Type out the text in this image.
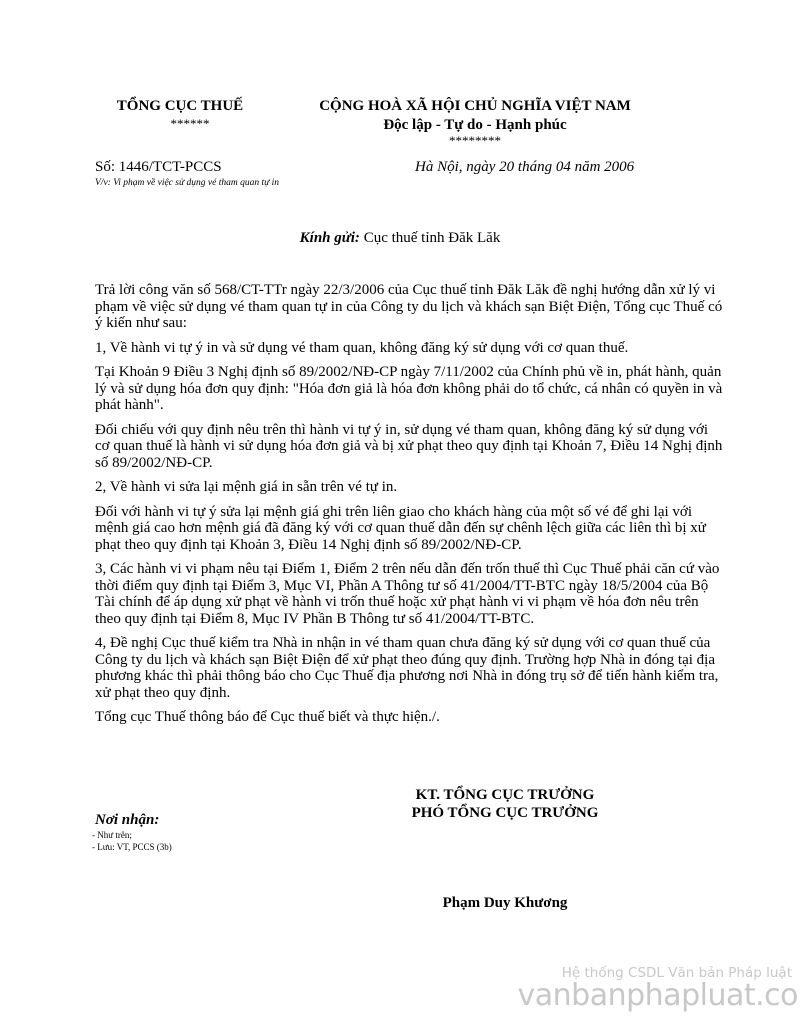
TỔNG CỤC THUẾ
******
CỘNG HOÀ XÃ HỘI CHỦ NGHĨA VIỆT NAM
Độc lập - Tự do - Hạnh phúc
********
Số: 1446/TCT-PCCS
V/v: Vi phạm về việc sử dụng vé tham quan tự in
Hà Nội, ngày 20 tháng 04 năm 2006
Kính gửi: Cục thuế tỉnh Đăk Lăk

Trả lời công văn số 568/CT-TTr ngày 22/3/2006 của Cục thuế tỉnh Đăk Lăk đề nghị hướng dẫn xử lý vi phạm về việc sử dụng vé tham quan tự in của Công ty du lịch và khách sạn Biệt Điện, Tổng cục Thuế có ý kiến như sau:

1, Về hành vi tự ý in và sử dụng vé tham quan, không đăng ký sử dụng với cơ quan thuế.

Tại Khoản 9 Điều 3 Nghị định số 89/2002/NĐ-CP ngày 7/11/2002 của Chính phủ về in, phát hành, quản lý và sử dụng hóa đơn quy định: "Hóa đơn giả là hóa đơn không phải do tổ chức, cá nhân có quyền in và phát hành".

Đối chiếu với quy định nêu trên thì hành vi tự ý in, sử dụng vé tham quan, không đăng ký sử dụng với cơ quan thuế là hành vi sử dụng hóa đơn giả và bị xử phạt theo quy định tại Khoản 7, Điều 14 Nghị định số 89/2002/NĐ-CP.

2, Về hành vi sửa lại mệnh giá in sẵn trên vé tự in.

Đối với hành vi tự ý sửa lại mệnh giá ghi trên liên giao cho khách hàng của một số vé để ghi lại với mệnh giá cao hơn mệnh giá đã đăng ký với cơ quan thuế dẫn đến sự chênh lệch giữa các liên thì bị xử phạt theo quy định tại Khoản 3, Điều 14 Nghị định số 89/2002/NĐ-CP.

3, Các hành vi vi phạm nêu tại Điểm 1, Điểm 2 trên nếu dẫn đến trốn thuế thì Cục Thuế phải căn cứ vào thời điểm quy định tại Điểm 3, Mục VI, Phần A Thông tư số 41/2004/TT-BTC ngày 18/5/2004 của Bộ Tài chính để áp dụng xử phạt về hành vi trốn thuế hoặc xử phạt hành vi vi phạm về hóa đơn nêu trên theo quy định tại Điểm 8, Mục IV Phần B Thông tư số 41/2004/TT-BTC.

4, Đề nghị Cục thuế kiểm tra Nhà in nhận in vé tham quan chưa đăng ký sử dụng với cơ quan thuế của Công ty du lịch và khách sạn Biệt Điện để xử phạt theo đúng quy định. Trường hợp Nhà in đóng tại địa phương khác thì phải thông báo cho Cục Thuế địa phương nơi Nhà in đóng trụ sở để tiến hành kiểm tra, xử phạt theo quy định.

Tổng cục Thuế thông báo để Cục thuế biết và thực hiện./.

KT. TỔNG CỤC TRƯỞNG
PHÓ TỔNG CỤC TRƯỞNG
Phạm Duy Khương
Nơi nhận:
- Như trên;
- Lưu: VT, PCCS (3b)
Hệ thống CSDL Văn bản Pháp luật
vanbanphapluat.co
